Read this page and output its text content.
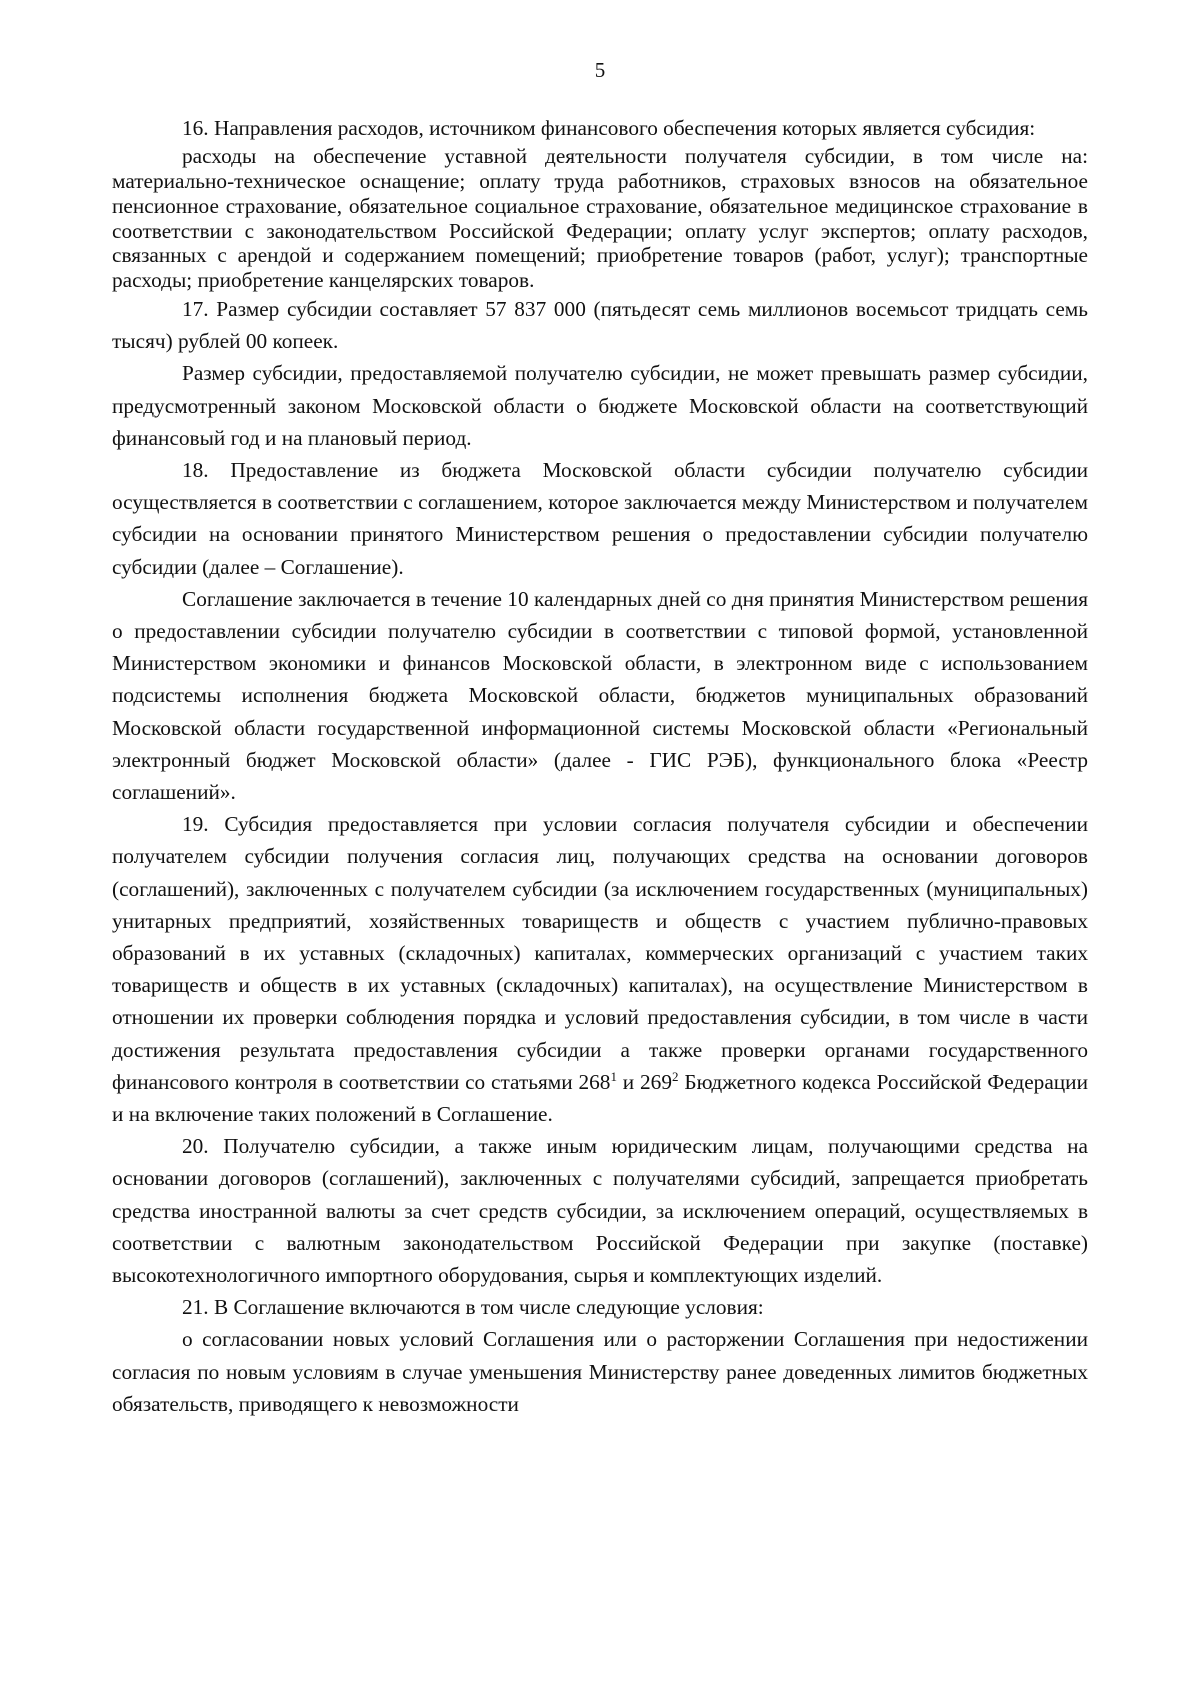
5

16. Направления расходов, источником финансового обеспечения которых является субсидия:

расходы на обеспечение уставной деятельности получателя субсидии, в том числе на: материально-техническое оснащение; оплату труда работников, страховых взносов на обязательное пенсионное страхование, обязательное социальное страхование, обязательное медицинское страхование в соответствии с законодательством Российской Федерации; оплату услуг экспертов; оплату расходов, связанных с арендой и содержанием помещений; приобретение товаров (работ, услуг); транспортные расходы; приобретение канцелярских товаров.

17. Размер субсидии составляет 57 837 000 (пятьдесят семь миллионов восемьсот тридцать семь тысяч) рублей 00 копеек.

Размер субсидии, предоставляемой получателю субсидии, не может превышать размер субсидии, предусмотренный законом Московской области о бюджете Московской области на соответствующий финансовый год и на плановый период.

18. Предоставление из бюджета Московской области субсидии получателю субсидии осуществляется в соответствии с соглашением, которое заключается между Министерством и получателем субсидии на основании принятого Министерством решения о предоставлении субсидии получателю субсидии (далее – Соглашение).

Соглашение заключается в течение 10 календарных дней со дня принятия Министерством решения о предоставлении субсидии получателю субсидии в соответствии с типовой формой, установленной Министерством экономики и финансов Московской области, в электронном виде с использованием подсистемы исполнения бюджета Московской области, бюджетов муниципальных образований Московской области государственной информационной системы Московской области «Региональный электронный бюджет Московской области» (далее - ГИС РЭБ), функционального блока «Реестр соглашений».

19. Субсидия предоставляется при условии согласия получателя субсидии и обеспечении получателем субсидии получения согласия лиц, получающих средства на основании договоров (соглашений), заключенных с получателем субсидии (за исключением государственных (муниципальных) унитарных предприятий, хозяйственных товариществ и обществ с участием публично-правовых образований в их уставных (складочных) капиталах, коммерческих организаций с участием таких товариществ и обществ в их уставных (складочных) капиталах), на осуществление Министерством в отношении их проверки соблюдения порядка и условий предоставления субсидии, в том числе в части достижения результата предоставления субсидии а также проверки органами государственного финансового контроля в соответствии со статьями $268^1$ и $269^2$ Бюджетного кодекса Российской Федерации и на включение таких положений в Соглашение.

20. Получателю субсидии, а также иным юридическим лицам, получающими средства на основании договоров (соглашений), заключенных с получателями субсидий, запрещается приобретать средства иностранной валюты за счет средств субсидии, за исключением операций, осуществляемых в соответствии с валютным законодательством Российской Федерации при закупке (поставке) высокотехнологичного импортного оборудования, сырья и комплектующих изделий.

21. В Соглашение включаются в том числе следующие условия:

о согласовании новых условий Соглашения или о расторжении Соглашения при недостижении согласия по новым условиям в случае уменьшения Министерству ранее доведенных лимитов бюджетных обязательств, приводящего к невозможности
